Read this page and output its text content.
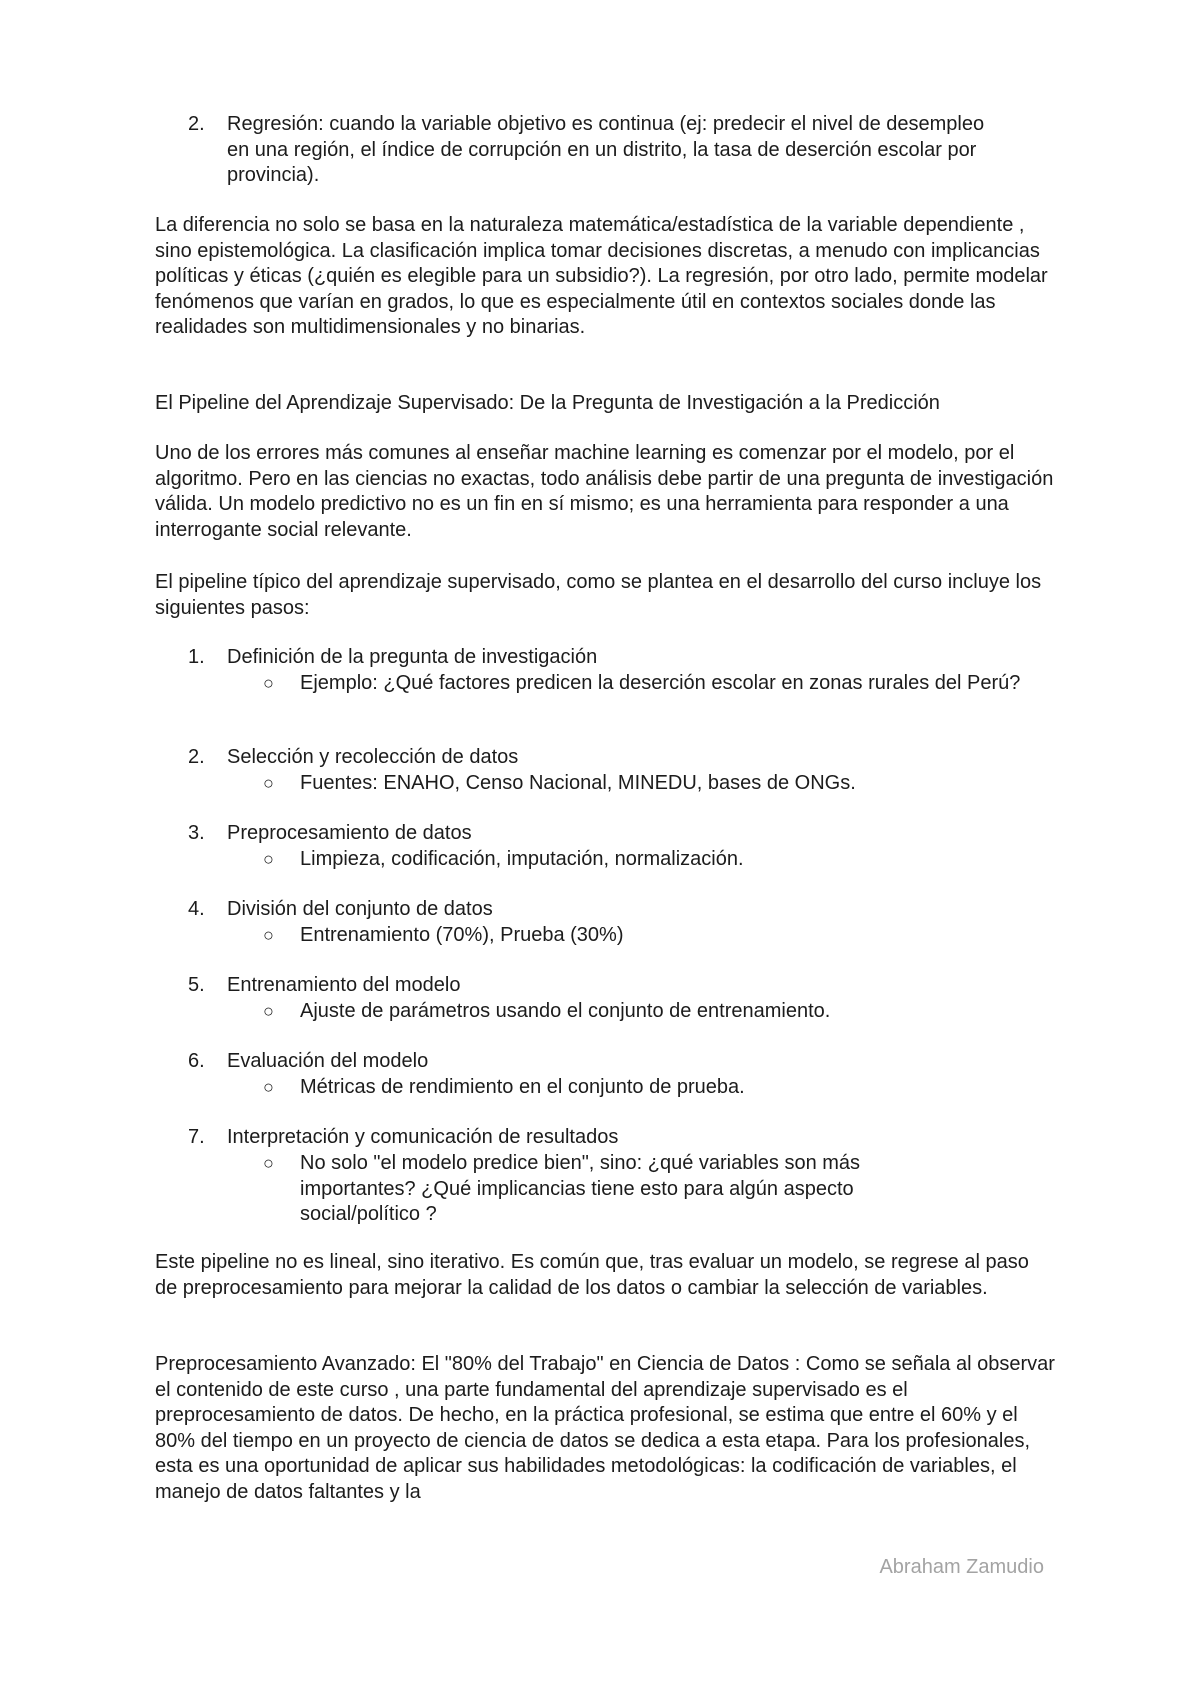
2.	Regresión: cuando la variable objetivo es continua (ej: predecir el nivel de desempleo en una región, el índice de corrupción en un distrito, la tasa de deserción escolar por provincia).

La diferencia no solo se basa en la naturaleza matemática/estadística de la variable dependiente , sino epistemológica. La clasificación implica tomar decisiones discretas, a menudo con implicancias políticas y éticas (¿quién es elegible para un subsidio?). La regresión, por otro lado, permite modelar fenómenos que varían en grados, lo que es especialmente útil en contextos sociales donde las realidades son multidimensionales y no binarias.

El Pipeline del Aprendizaje Supervisado: De la Pregunta de Investigación a la Predicción

Uno de los errores más comunes al enseñar machine learning es comenzar por el modelo, por el algoritmo. Pero en las ciencias no exactas, todo análisis debe partir de una pregunta de investigación válida. Un modelo predictivo no es un fin en sí mismo; es una herramienta para responder a una interrogante social relevante.

El pipeline típico del aprendizaje supervisado, como se plantea en el desarrollo del curso incluye los siguientes pasos:

1.	Definición de la pregunta de investigación
○	Ejemplo: ¿Qué factores predicen la deserción escolar en zonas rurales del Perú?
2.	Selección y recolección de datos
○	Fuentes: ENAHO, Censo Nacional, MINEDU, bases de ONGs.
3.	Preprocesamiento de datos
○	Limpieza, codificación, imputación, normalización.
4.	División del conjunto de datos
○	Entrenamiento (70%), Prueba (30%)
5.	Entrenamiento del modelo
○	Ajuste de parámetros usando el conjunto de entrenamiento.
6.	Evaluación del modelo
○	Métricas de rendimiento en el conjunto de prueba.
7.	Interpretación y comunicación de resultados
○	No solo "el modelo predice bien", sino: ¿qué variables son más importantes? ¿Qué implicancias tiene esto para algún aspecto social/político ?

Este pipeline no es lineal, sino iterativo. Es común que, tras evaluar un modelo, se regrese al paso de preprocesamiento para mejorar la calidad de los datos o cambiar la selección de variables.

Preprocesamiento Avanzado: El "80% del Trabajo" en Ciencia de Datos : Como se señala al observar el contenido de este curso , una parte fundamental del aprendizaje supervisado es el preprocesamiento de datos. De hecho, en la práctica profesional, se estima que entre el 60% y el 80% del tiempo en un proyecto de ciencia de datos se dedica a esta etapa. Para los profesionales, esta es una oportunidad de aplicar sus habilidades metodológicas: la codificación de variables, el manejo de datos faltantes y la

Abraham Zamudio
